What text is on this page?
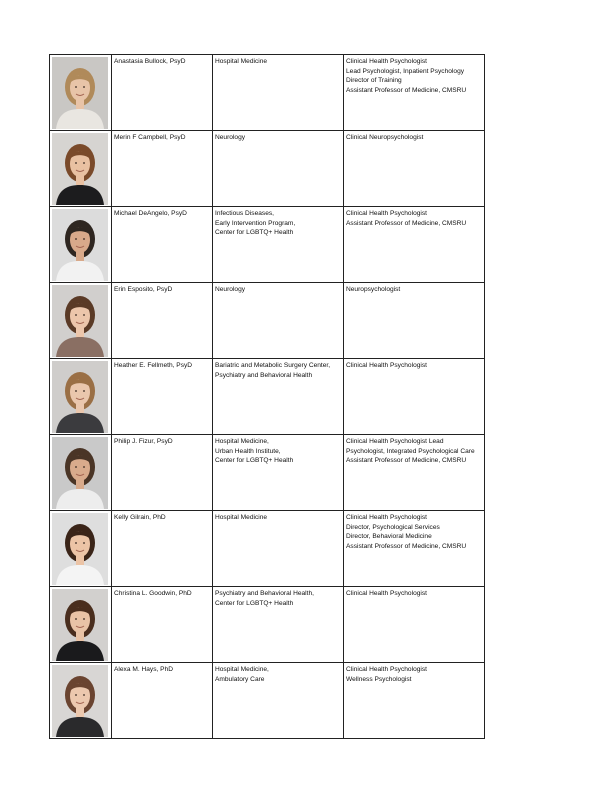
Anastasia Bullock, PsyD	Hospital Medicine	Clinical Health Psychologist
Lead Psychologist, Inpatient Psychology
Director of Training
Assistant Professor of Medicine, CMSRU

Merin F Campbell, PsyD	Neurology	Clinical Neuropsychologist

Michael DeAngelo, PsyD	Infectious Diseases,
Early Intervention Program,
Center for LGBTQ+ Health	Clinical Health Psychologist
Assistant Professor of Medicine, CMSRU

Erin Esposito, PsyD	Neurology	Neuropsychologist

Heather E. Fellmeth, PsyD	Bariatric and Metabolic Surgery Center,
Psychiatry and Behavioral Health	Clinical Health Psychologist

Philip J. Fizur, PsyD	Hospital Medicine,
Urban Health Institute,
Center for LGBTQ+ Health	Clinical Health Psychologist Lead
Psychologist, Integrated Psychological Care
Assistant Professor of Medicine, CMSRU

Kelly Gilrain, PhD	Hospital Medicine	Clinical Health Psychologist
Director, Psychological Services
Director, Behavioral Medicine
Assistant Professor of Medicine, CMSRU

Christina L. Goodwin, PhD	Psychiatry and Behavioral Health,
Center for LGBTQ+ Health	Clinical Health Psychologist

Alexa M. Hays, PhD	Hospital Medicine,
Ambulatory Care	Clinical Health Psychologist
Wellness Psychologist
